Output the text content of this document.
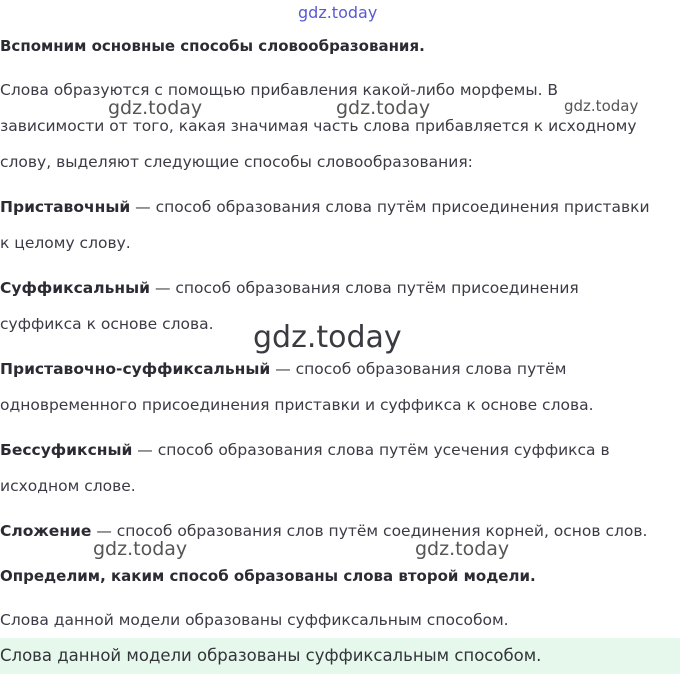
gdz.today
gdz.today	gdz.today	gdz.today
gdz.today
gdz.today	gdz.today
Вспомним основные способы словообразования.
Слова образуются с помощью прибавления какой-либо морфемы. В
зависимости от того, какая значимая часть слова прибавляется к исходному
слову, выделяют следующие способы словообразования:
Приставочный — способ образования слова путём присоединения приставки
к целому слову.
Суффиксальный — способ образования слова путём присоединения
суффикса к основе слова.
Приставочно-суффиксальный — способ образования слова путём
одновременного присоединения приставки и суффикса к основе слова.
Бессуфиксный — способ образования слова путём усечения суффикса в
исходном слове.
Сложение — способ образования слов путём соединения корней, основ слов.
Определим, каким способ образованы слова второй модели.
Слова данной модели образованы суффиксальным способом.
Слова данной модели образованы суффиксальным способом.
